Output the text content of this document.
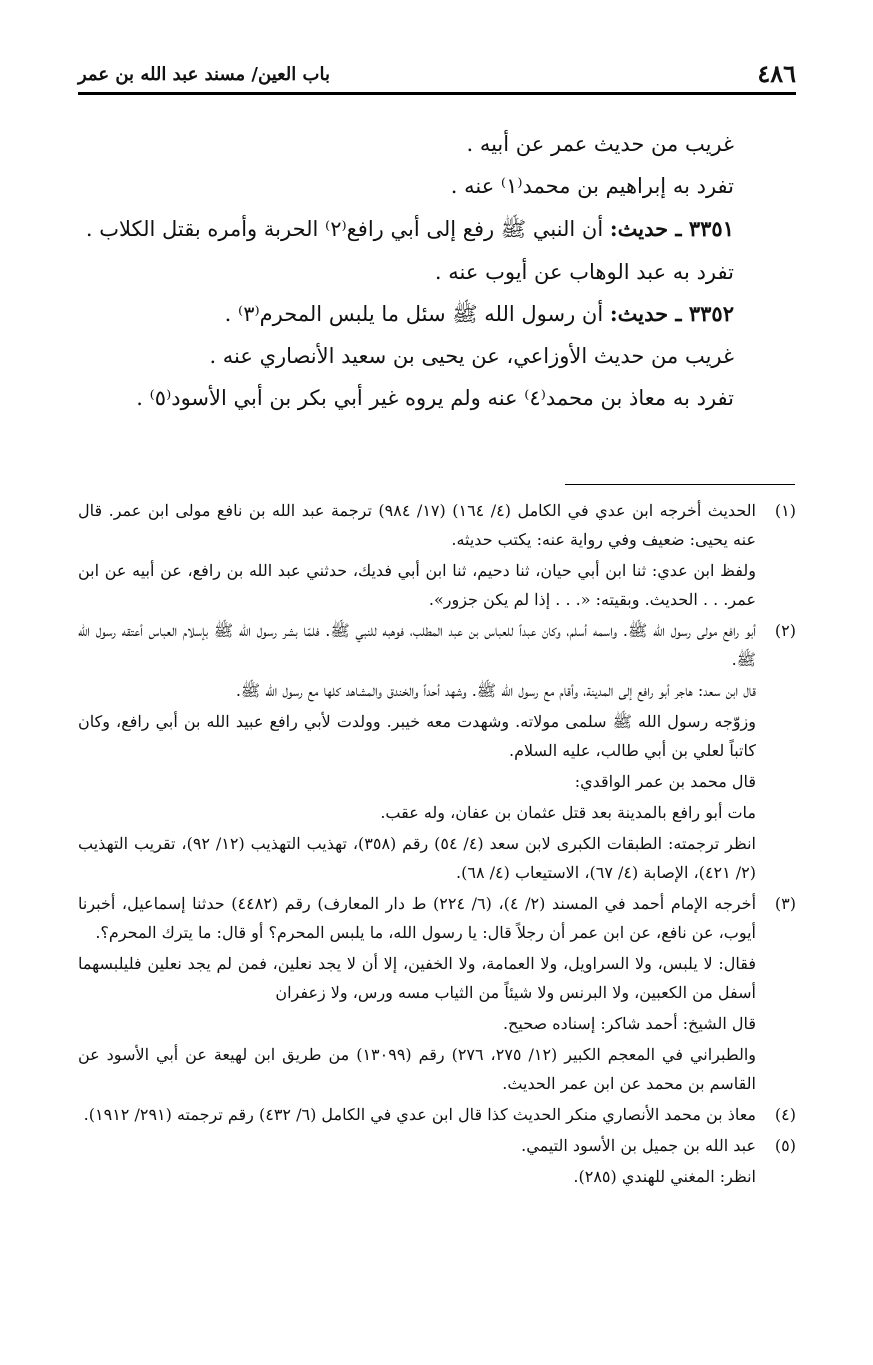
٤٨٦
باب العين/ مسند عبد الله بن عمر
غريب من حديث عمر عن أبيه .
تفرد به إبراهيم بن محمد⁽١⁾ عنه .
٣٣٥١ ـ حديث: أن النبي ﷺ رفع إلى أبي رافع⁽٢⁾ الحربة وأمره بقتل الكلاب .
تفرد به عبد الوهاب عن أيوب عنه .
٣٣٥٢ ـ حديث: أن رسول الله ﷺ سئل ما يلبس المحرم⁽٣⁾ .
غريب من حديث الأوزاعي، عن يحيى بن سعيد الأنصاري عنه .
تفرد به معاذ بن محمد⁽٤⁾ عنه ولم يروه غير أبي بكر بن أبي الأسود⁽٥⁾ .
(١)

الحديث أخرجه ابن عدي في الكامل (٤/ ١٦٤) (١٧/ ٩٨٤) ترجمة عبد الله بن نافع مولى ابن عمر. قال عنه يحيى: ضعيف وفي رواية عنه: يكتب حديثه.

ولفظ ابن عدي: ثنا ابن أبي حيان، ثنا دحيم، ثنا ابن أبي فديك، حدثني عبد الله بن رافع، عن أبيه عن ابن عمر. . . الحديث. وبقيته: «. . . إذا لم يكن جزور».

(٢)

أبو رافع مولى رسول الله ﷺ. واسمه أسلم، وكان عبداً للعباس بن عبد المطلب، فوهبه للنبي ﷺ. فلمّا بشر رسول الله ﷺ بإسلام العباس أعتقه رسول الله ﷺ.

قال ابن سعد: هاجر أبو رافع إلى المدينة، وأقام مع رسول الله ﷺ. وشهد أحداً والخندق والمشاهد كلها مع رسول الله ﷺ.

وزوّجه رسول الله ﷺ سلمى مولاته. وشهدت معه خيبر. وولدت لأبي رافع عبيد الله بن أبي رافع، وكان كاتباً لعلي بن أبي طالب، عليه السلام.

قال محمد بن عمر الواقدي:

مات أبو رافع بالمدينة بعد قتل عثمان بن عفان، وله عقب.

انظر ترجمته: الطبقات الكبرى لابن سعد (٤/ ٥٤) رقم (٣٥٨)، تهذيب التهذيب (١٢/ ٩٢)، تقريب التهذيب (٢/ ٤٢١)، الإصابة (٤/ ٦٧)، الاستيعاب (٤/ ٦٨).

(٣)

أخرجه الإمام أحمد في المسند (٢/ ٤)، (٦/ ٢٢٤) ط دار المعارف) رقم (٤٤٨٢) حدثنا إسماعيل، أخبرنا أيوب، عن نافع، عن ابن عمر أن رجلاً قال: يا رسول الله، ما يلبس المحرم؟ أو قال: ما يترك المحرم؟.

فقال: لا يلبس، ولا السراويل، ولا العمامة، ولا الخفين، إلا أن لا يجد نعلين، فمن لم يجد نعلين فليلبسهما أسفل من الكعبين، ولا البرنس ولا شيئاً من الثياب مسه ورس، ولا زعفران

قال الشيخ: أحمد شاكر: إسناده صحيح.

والطبراني في المعجم الكبير (١٢/ ٢٧٥، ٢٧٦) رقم (١٣٠٩٩) من طريق ابن لهيعة عن أبي الأسود عن القاسم بن محمد عن ابن عمر الحديث.

(٤)

معاذ بن محمد الأنصاري منكر الحديث كذا قال ابن عدي في الكامل (٦/ ٤٣٢) رقم ترجمته (٢٩١/ ١٩١٢).

(٥)

عبد الله بن جميل بن الأسود التيمي.

انظر: المغني للهندي (٢٨٥).
